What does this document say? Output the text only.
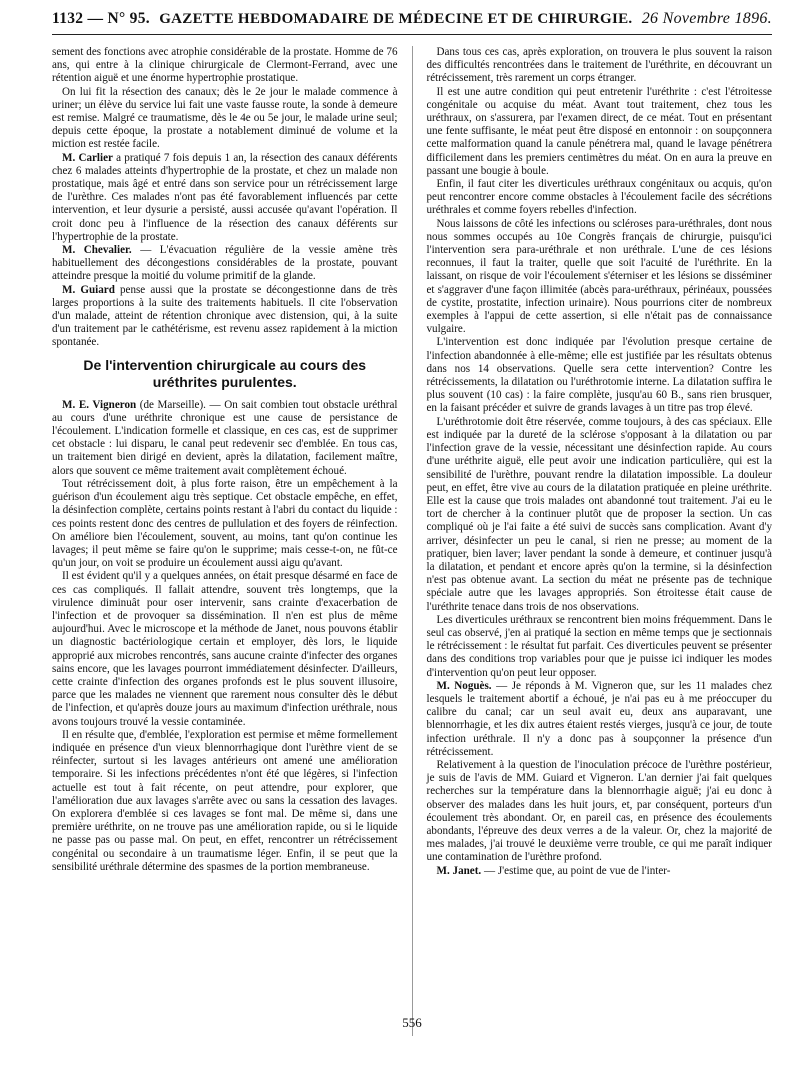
1132 — N° 95. GAZETTE HEBDOMADAIRE DE MÉDECINE ET DE CHIRURGIE. 26 Novembre 1896.

sement des fonctions avec atrophie considérable de la prostate. Homme de 76 ans, qui entre à la clinique chirurgicale de Clermont-Ferrand, avec une rétention aiguë et une énorme hypertrophie prostatique.

On lui fit la résection des canaux; dès le 2e jour le malade commence à uriner; un élève du service lui fait une vaste fausse route, la sonde à demeure est remise. Malgré ce traumatisme, dès le 4e ou 5e jour, le malade urine seul; depuis cette époque, la prostate a notablement diminué de volume et la miction est restée facile.

M. Carlier a pratiqué 7 fois depuis 1 an, la résection des canaux déférents chez 6 malades atteints d'hypertrophie de la prostate, et chez un malade non prostatique, mais âgé et entré dans son service pour un rétrécissement large de l'urèthre. Ces malades n'ont pas été favorablement influencés par cette intervention, et leur dysurie a persisté, aussi accusée qu'avant l'opération. Il croit donc peu à l'influence de la résection des canaux déférents sur l'hypertrophie de la prostate.

M. Chevalier. — L'évacuation régulière de la vessie amène très habituellement des décongestions considérables de la prostate, pouvant atteindre presque la moitié du volume primitif de la glande.

M. Guiard pense aussi que la prostate se décongestionne dans de très larges proportions à la suite des traitements habituels. Il cite l'observation d'un malade, atteint de rétention chronique avec distension, qui, à la suite d'un traitement par le cathétérisme, est revenu assez rapidement à la miction spontanée.

De l'intervention chirurgicale au cours des uréthrites purulentes.

M. E. Vigneron (de Marseille). — On sait combien tout obstacle uréthral au cours d'une uréthrite chronique est une cause de persistance de l'écoulement. L'indication formelle et classique, en ces cas, est de supprimer cet obstacle : lui disparu, le canal peut redevenir sec d'emblée. En tous cas, un traitement bien dirigé en devient, après la dilatation, facilement maître, alors que souvent ce même traitement avait complètement échoué.

Tout rétrécissement doit, à plus forte raison, être un empêchement à la guérison d'un écoulement aigu très septique. Cet obstacle empêche, en effet, la désinfection complète, certains points restant à l'abri du contact du liquide : ces points restent donc des centres de pullulation et des foyers de réinfection. On améliore bien l'écoulement, souvent, au moins, tant qu'on continue les lavages; il peut même se faire qu'on le supprime; mais cesse-t-on, ne fût-ce qu'un jour, on voit se produire un écoulement aussi aigu qu'avant.

Il est évident qu'il y a quelques années, on était presque désarmé en face de ces cas compliqués. Il fallait attendre, souvent très longtemps, que la virulence diminuât pour oser intervenir, sans crainte d'exacerbation de l'infection et de provoquer sa dissémination. Il n'en est plus de même aujourd'hui. Avec le microscope et la méthode de Janet, nous pouvons établir un diagnostic bactériologique certain et employer, dès lors, le liquide approprié aux microbes rencontrés, sans aucune crainte d'infecter des organes sains encore, que les lavages pourront immédiatement désinfecter. D'ailleurs, cette crainte d'infection des organes profonds est le plus souvent illusoire, parce que les malades ne viennent que rarement nous consulter dès le début de l'infection, et qu'après douze jours au maximum d'infection uréthrale, nous avons toujours trouvé la vessie contaminée.

Il en résulte que, d'emblée, l'exploration est permise et même formellement indiquée en présence d'un vieux blennorrhagique dont l'urèthre vient de se réinfecter, surtout si les lavages antérieurs ont amené une amélioration temporaire. Si les infections précédentes n'ont été que légères, si l'infection actuelle est tout à fait récente, on peut attendre, pour explorer, que l'amélioration due aux lavages s'arrête avec ou sans la cessation des lavages. On explorera d'emblée si ces lavages se font mal. De même si, dans une première uréthrite, on ne trouve pas une amélioration rapide, ou si le liquide ne passe pas ou passe mal. On peut, en effet, rencontrer un rétrécissement congénital ou secondaire à un traumatisme léger. Enfin, il se peut que la sensibilité uréthrale détermine des spasmes de la portion membraneuse.

Dans tous ces cas, après exploration, on trouvera le plus souvent la raison des difficultés rencontrées dans le traitement de l'uréthrite, en découvrant un rétrécissement, très rarement un corps étranger.

Il est une autre condition qui peut entretenir l'uréthrite : c'est l'étroitesse congénitale ou acquise du méat. Avant tout traitement, chez tous les uréthraux, on s'assurera, par l'examen direct, de ce méat. Tout en présentant une fente suffisante, le méat peut être disposé en entonnoir : on soupçonnera cette malformation quand la canule pénétrera mal, quand le lavage pénétrera difficilement dans les premiers centimètres du méat. On en aura la preuve en passant une bougie à boule.

Enfin, il faut citer les diverticules uréthraux congénitaux ou acquis, qu'on peut rencontrer encore comme obstacles à l'écoulement facile des sécrétions uréthrales et comme foyers rebelles d'infection.

Nous laissons de côté les infections ou scléroses para-uréthrales, dont nous nous sommes occupés au 10e Congrès français de chirurgie, puisqu'ici l'intervention sera para-uréthrale et non uréthrale. L'une de ces lésions reconnues, il faut la traiter, quelle que soit l'acuité de l'uréthrite. En la laissant, on risque de voir l'écoulement s'éterniser et les lésions se disséminer et s'aggraver d'une façon illimitée (abcès para-uréthraux, périnéaux, poussées de cystite, prostatite, infection urinaire). Nous pourrions citer de nombreux exemples à l'appui de cette assertion, si elle n'était pas de connaissance vulgaire.

L'intervention est donc indiquée par l'évolution presque certaine de l'infection abandonnée à elle-même; elle est justifiée par les résultats obtenus dans nos 14 observations. Quelle sera cette intervention? Contre les rétrécissements, la dilatation ou l'uréthrotomie interne. La dilatation suffira le plus souvent (10 cas) : la faire complète, jusqu'au 60 B., sans rien brusquer, en la faisant précéder et suivre de grands lavages à un titre pas trop élevé.

L'uréthrotomie doit être réservée, comme toujours, à des cas spéciaux. Elle est indiquée par la dureté de la sclérose s'opposant à la dilatation ou par l'infection grave de la vessie, nécessitant une désinfection rapide. Au cours d'une uréthrite aiguë, elle peut avoir une indication particulière, qui est la sensibilité de l'urèthre, pouvant rendre la dilatation impossible. La douleur peut, en effet, être vive au cours de la dilatation pratiquée en pleine uréthrite. Elle est la cause que trois malades ont abandonné tout traitement. J'ai eu le tort de chercher à la continuer plutôt que de proposer la section. Un cas compliqué où je l'ai faite a été suivi de succès sans complication. Avant d'y arriver, désinfecter un peu le canal, si rien ne presse; au moment de la pratiquer, bien laver; laver pendant la sonde à demeure, et continuer jusqu'à la dilatation, et pendant et encore après qu'on la termine, si la désinfection n'est pas obtenue avant. La section du méat ne présente pas de technique spéciale autre que les lavages appropriés. Son étroitesse était cause de l'uréthrite tenace dans trois de nos observations.

Les diverticules uréthraux se rencontrent bien moins fréquemment. Dans le seul cas observé, j'en ai pratiqué la section en même temps que je sectionnais le rétrécissement : le résultat fut parfait. Ces diverticules peuvent se présenter dans des conditions trop variables pour que je puisse ici indiquer les modes d'intervention qu'on peut leur opposer.

M. Noguès. — Je réponds à M. Vigneron que, sur les 11 malades chez lesquels le traitement abortif a échoué, je n'ai pas eu à me préoccuper du calibre du canal; car un seul avait eu, deux ans auparavant, une blennorrhagie, et les dix autres étaient restés vierges, jusqu'à ce jour, de toute infection uréthrale. Il n'y a donc pas à soupçonner la présence d'un rétrécissement.

Relativement à la question de l'inoculation précoce de l'urèthre postérieur, je suis de l'avis de MM. Guiard et Vigneron. L'an dernier j'ai fait quelques recherches sur la température dans la blennorrhagie aiguë; j'ai eu donc à observer des malades dans les huit jours, et, par conséquent, porteurs d'un écoulement très abondant. Or, en pareil cas, en présence des écoulements abondants, l'épreuve des deux verres a de la valeur. Or, chez la majorité de mes malades, j'ai trouvé le deuxième verre trouble, ce qui me paraît indiquer une contamination de l'urèthre profond.

M. Janet. — J'estime que, au point de vue de l'inter-

556
